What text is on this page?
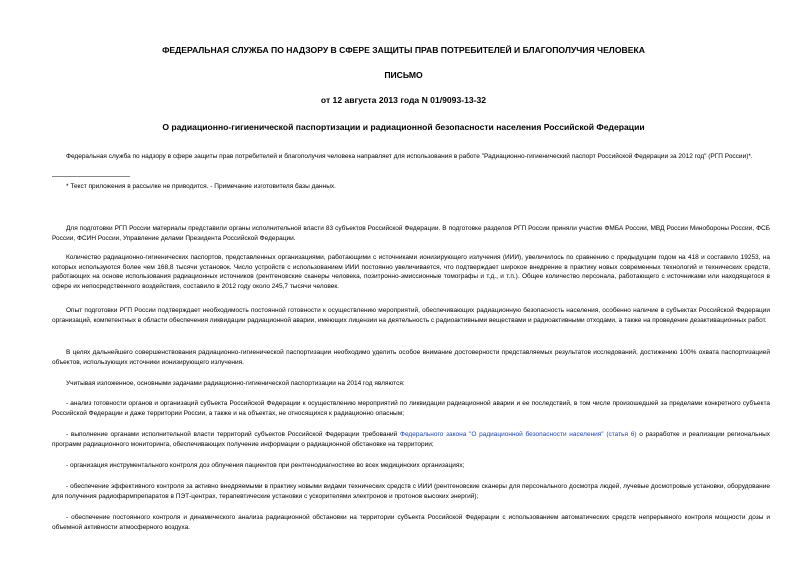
ФЕДЕРАЛЬНАЯ СЛУЖБА ПО НАДЗОРУ В СФЕРЕ ЗАЩИТЫ ПРАВ ПОТРЕБИТЕЛЕЙ И БЛАГОПОЛУЧИЯ ЧЕЛОВЕКА

ПИСЬМО

от 12 августа 2013 года N 01/9093-13-32

О радиационно-гигиенической паспортизации и радиационной безопасности населения Российской Федерации

Федеральная служба по надзору в сфере защиты прав потребителей и благополучия человека направляет для использования в работе "Радиационно-гигиенический паспорт Российской Федерации за 2012 год" (РГП России)*.

* Текст приложения в рассылке не приводится. - Примечание изготовителя базы данных.

Для подготовки РГП России материалы представили органы исполнительной власти 83 субъектов Российской Федерации. В подготовке разделов РГП России приняли участие ФМБА России, МВД России Минобороны России, ФСБ России, ФСИН России, Управление делами Президента Российской Федерации.

Количество радиационно-гигиенических паспортов, представленных организациями, работающими с источниками ионизирующего излучения (ИИИ), увеличилось по сравнению с предыдущим годом на 418 и составило 19253, на которых используются более чем 168,8 тысячи установок. Число устройств с использованием ИИИ постоянно увеличивается, что подтверждает широкое внедрение в практику новых современных технологий и технических средств, работающих на основе использования радиационных источников (рентгеновские сканеры человека, позитронно-эмиссионные томографы и т.д., и т.п.). Общее количество персонала, работающего с источниками или находящегося в сфере их непосредственного воздействия, составило в 2012 году около 245,7 тысячи человек.

Опыт подготовки РГП России подтверждает необходимость постоянной готовности к осуществлению мероприятий, обеспечивающих радиационную безопасность населения, особенно наличие в субъектах Российской Федерации организаций, компетентных в области обеспечения ликвидации радиационной аварии, имеющих лицензии на деятельность с радиоактивными веществами и радиоактивными отходами, а также на проведение дезактивационных работ.

В целях дальнейшего совершенствования радиационно-гигиенической паспортизации необходимо уделить особое внимание достоверности представляемых результатов исследований, достижению 100% охвата паспортизацией объектов, использующих источники ионизирующего излучения.

Учитывая изложенное, основными задачами радиационно-гигиенической паспортизации на 2014 год являются:

- анализ готовности органов и организаций субъекта Российской Федерации к осуществлению мероприятий по ликвидации радиационной аварии и ее последствий, в том числе произошедшей за пределами конкретного субъекта Российской Федерации и даже территории России, а также и на объектах, не относящихся к радиационно опасным;

- выполнение органами исполнительной власти территорий субъектов Российской Федерации требований Федерального закона "О радиационной безопасности населения" (статья 6) о разработке и реализации региональных программ радиационного мониторинга, обеспечивающих получение информации о радиационной обстановке на территории;

- организация инструментального контроля доз облучения пациентов при рентгенодиагностике во всех медицинских организациях;

- обеспечение эффективного контроля за активно внедряемыми в практику новыми видами технических средств с ИИИ (рентгеновские сканеры для персонального досмотра людей, лучевые досмотровые установки, оборудование для получения радиофармпрепаратов в ПЭТ-центрах, терапевтические установки с ускорителями электронов и протонов высоких энергий);

- обеспечение постоянного контроля и динамического анализа радиационной обстановки на территории субъекта Российской Федерации с использованием автоматических средств непрерывного контроля мощности дозы и объемной активности атмосферного воздуха.
